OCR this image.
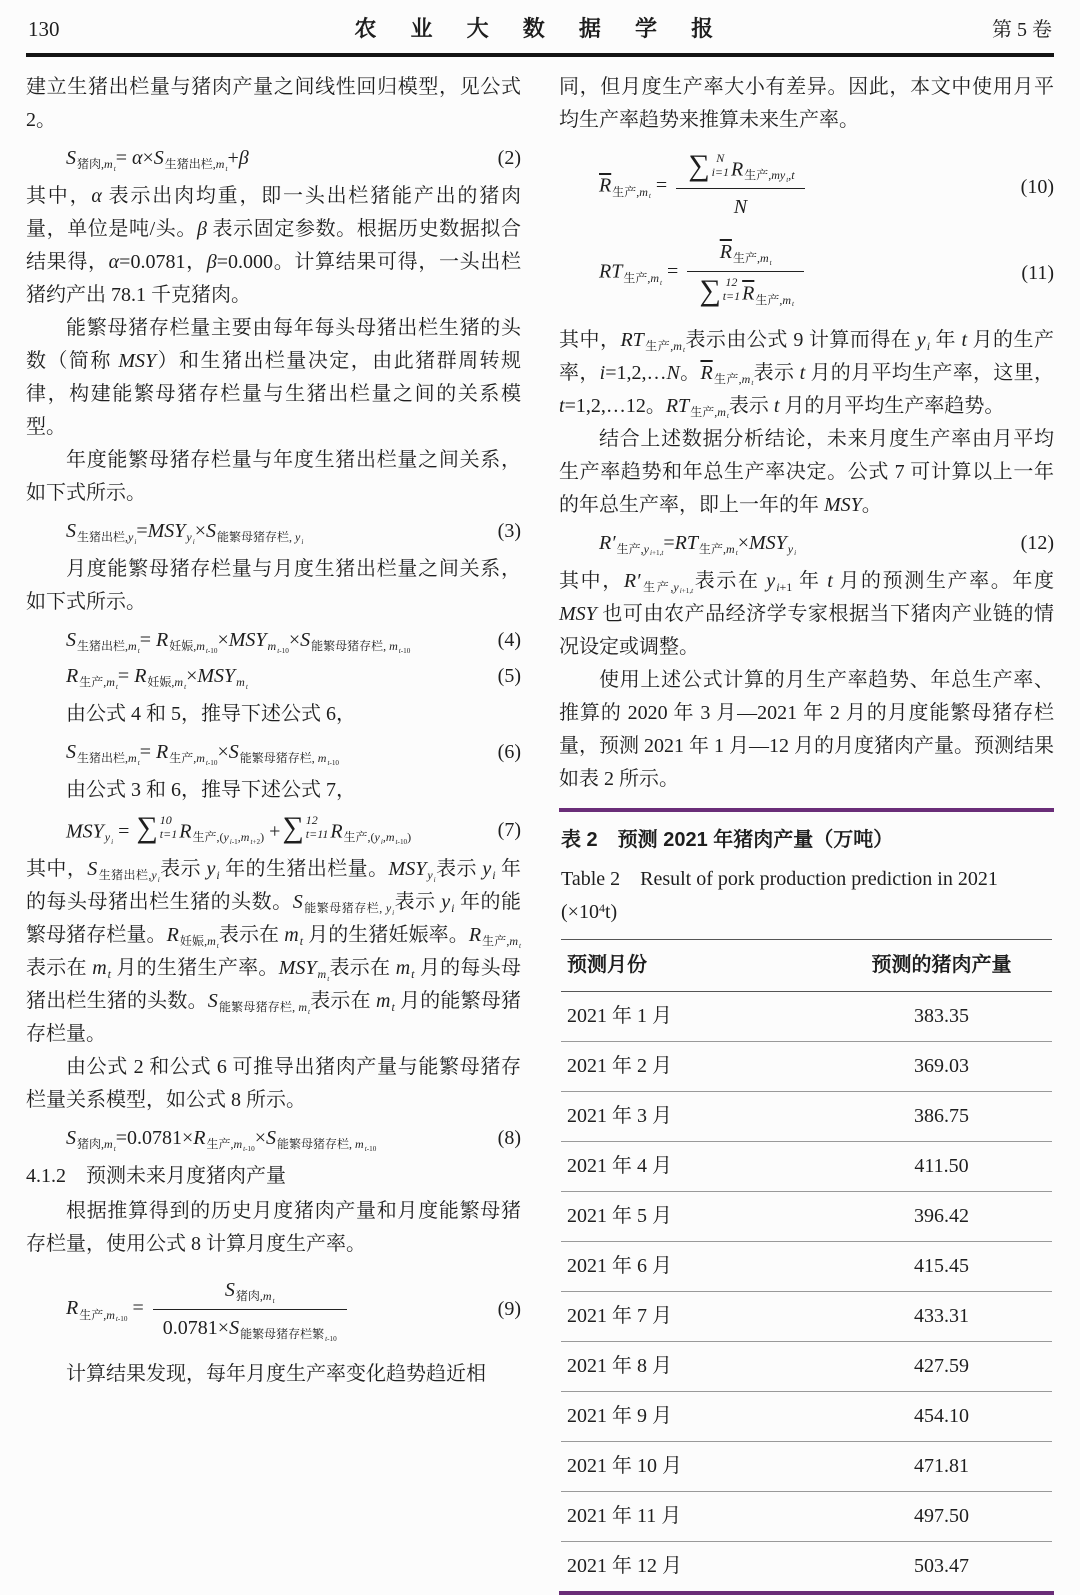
130	农 业 大 数 据 学 报	第 5 卷

建立生猪出栏量与猪肉产量之间线性回归模型，见公式 2。

$S_{猪肉,m_t}= \alpha\times S_{生猪出栏,m_t}+\beta$	(2)

其中，α 表示出肉均重，即一头出栏猪能产出的猪肉量，单位是吨/头。β 表示固定参数。根据历史数据拟合结果得，α=0.0781，β=0.000。计算结果可得，一头出栏猪约产出 78.1 千克猪肉。

能繁母猪存栏量主要由每年每头母猪出栏生猪的头数（简称 MSY）和生猪出栏量决定，由此猪群周转规律，构建能繁母猪存栏量与生猪出栏量之间的关系模型。

年度能繁母猪存栏量与年度生猪出栏量之间关系，如下式所示。

$S_{生猪出栏,y_i}=MSY_{y_i}\times S_{能繁母猪存栏, y_i}$	(3)

月度能繁母猪存栏量与月度生猪出栏量之间关系，如下式所示。

$S_{生猪出栏,m_t}= R_{妊娠,m_{t-10}}\times MSY_{m_{t-10}}\times S_{能繁母猪存栏, m_{t-10}}$	(4)
$R_{生产,m_t}= R_{妊娠,m_t}\times MSY_{m_t}$	(5)

由公式 4 和 5，推导下述公式 6，

$S_{生猪出栏,m_t}= R_{生产,m_{t-10}}\times S_{能繁母猪存栏, m_{t-10}}$	(6)

由公式 3 和 6，推导下述公式 7，

$MSY_{y_i}$ = ∑ 10
t=1 $R_{生产,(y_{i-1},m_{t+2})}$ + ∑ 12
t=11 $R_{生产,(y_i,m_{t-10})}$	(7)

其中，$S_{生猪出栏,y_i}$表示 $y_i$ 年的生猪出栏量。$MSY_{y_i}$表示 $y_i$ 年的每头母猪出栏生猪的头数。$S_{能繁母猪存栏, y_i}$表示 $y_i$ 年的能繁母猪存栏量。$R_{妊娠,m_t}$表示在 $m_t$ 月的生猪妊娠率。$R_{生产,m_t}$表示在 $m_t$ 月的生猪生产率。$MSY_{m_t}$表示在 $m_t$ 月的每头母猪出栏生猪的头数。$S_{能繁母猪存栏, m_t}$表示在 $m_t$ 月的能繁母猪存栏量。

由公式 2 和公式 6 可推导出猪肉产量与能繁母猪存栏量关系模型，如公式 8 所示。

$S_{猪肉,m_t}=0.0781\times R_{生产,m_{t-10}}\times S_{能繁母猪存栏, m_{t-10}}$	(8)

4.1.2　预测未来月度猪肉产量

根据推算得到的历史月度猪肉产量和月度能繁母猪存栏量，使用公式 8 计算月度生产率。

$R_{生产,m_{t-10}} = \frac{S_{猪肉,m_t}}{0.0781\times S_{能繁母猪存栏繁_{t-10}}}$	(9)

计算结果发现，每年月度生产率变化趋势趋近相

同，但月度生产率大小有差异。因此，本文中使用月平均生产率趋势来推算未来生产率。

$\overline{R}_{生产,m_t}$ = ∑ N
i=1 $R_{生产,my_t,t}$
N	(10)
$RT_{生产,m_t} = \overline{R}_{生产,m_t}$
∑ 12
t=1 $\overline{R}_{生产,m_t}$	(11)

其中，$RT_{生产,m_t}$表示由公式 9 计算而得在 $y_i$ 年 t 月的生产率，i=1,2,…N。$\overline{R}_{生产,m_t}$表示 t 月的月平均生产率，这里，t=1,2,…12。$RT_{生产,m_t}$表示 t 月的月平均生产率趋势。

结合上述数据分析结论，未来月度生产率由月平均生产率趋势和年总生产率决定。公式 7 可计算以上一年的年总生产率，即上一年的年 MSY。

$R'_{生产,y_{i+1,t}}=RT_{生产,m_t}\times MSY_{y_i}$	(12)

其中，$R'_{生产,y_{i+1,t}}$表示在 $y_{i+1}$ 年 t 月的预测生产率。年度 MSY 也可由农产品经济学专家根据当下猪肉产业链的情况设定或调整。

使用上述公式计算的月生产率趋势、年总生产率、推算的 2020 年 3 月—2021 年 2 月的月度能繁母猪存栏量，预测 2021 年 1 月—12 月的月度猪肉产量。预测结果如表 2 所示。

表 2　预测 2021 年猪肉产量（万吨）
Table 2　Result of pork production prediction in 2021 $(\times 10^4t)$
预测月份	预测的猪肉产量
2021 年 1 月	383.35
2021 年 2 月	369.03
2021 年 3 月	386.75
2021 年 4 月	411.50
2021 年 5 月	396.42
2021 年 6 月	415.45
2021 年 7 月	433.31
2021 年 8 月	427.59
2021 年 9 月	454.10
2021 年 10 月	471.81
2021 年 11 月	497.50
2021 年 12 月	503.47
